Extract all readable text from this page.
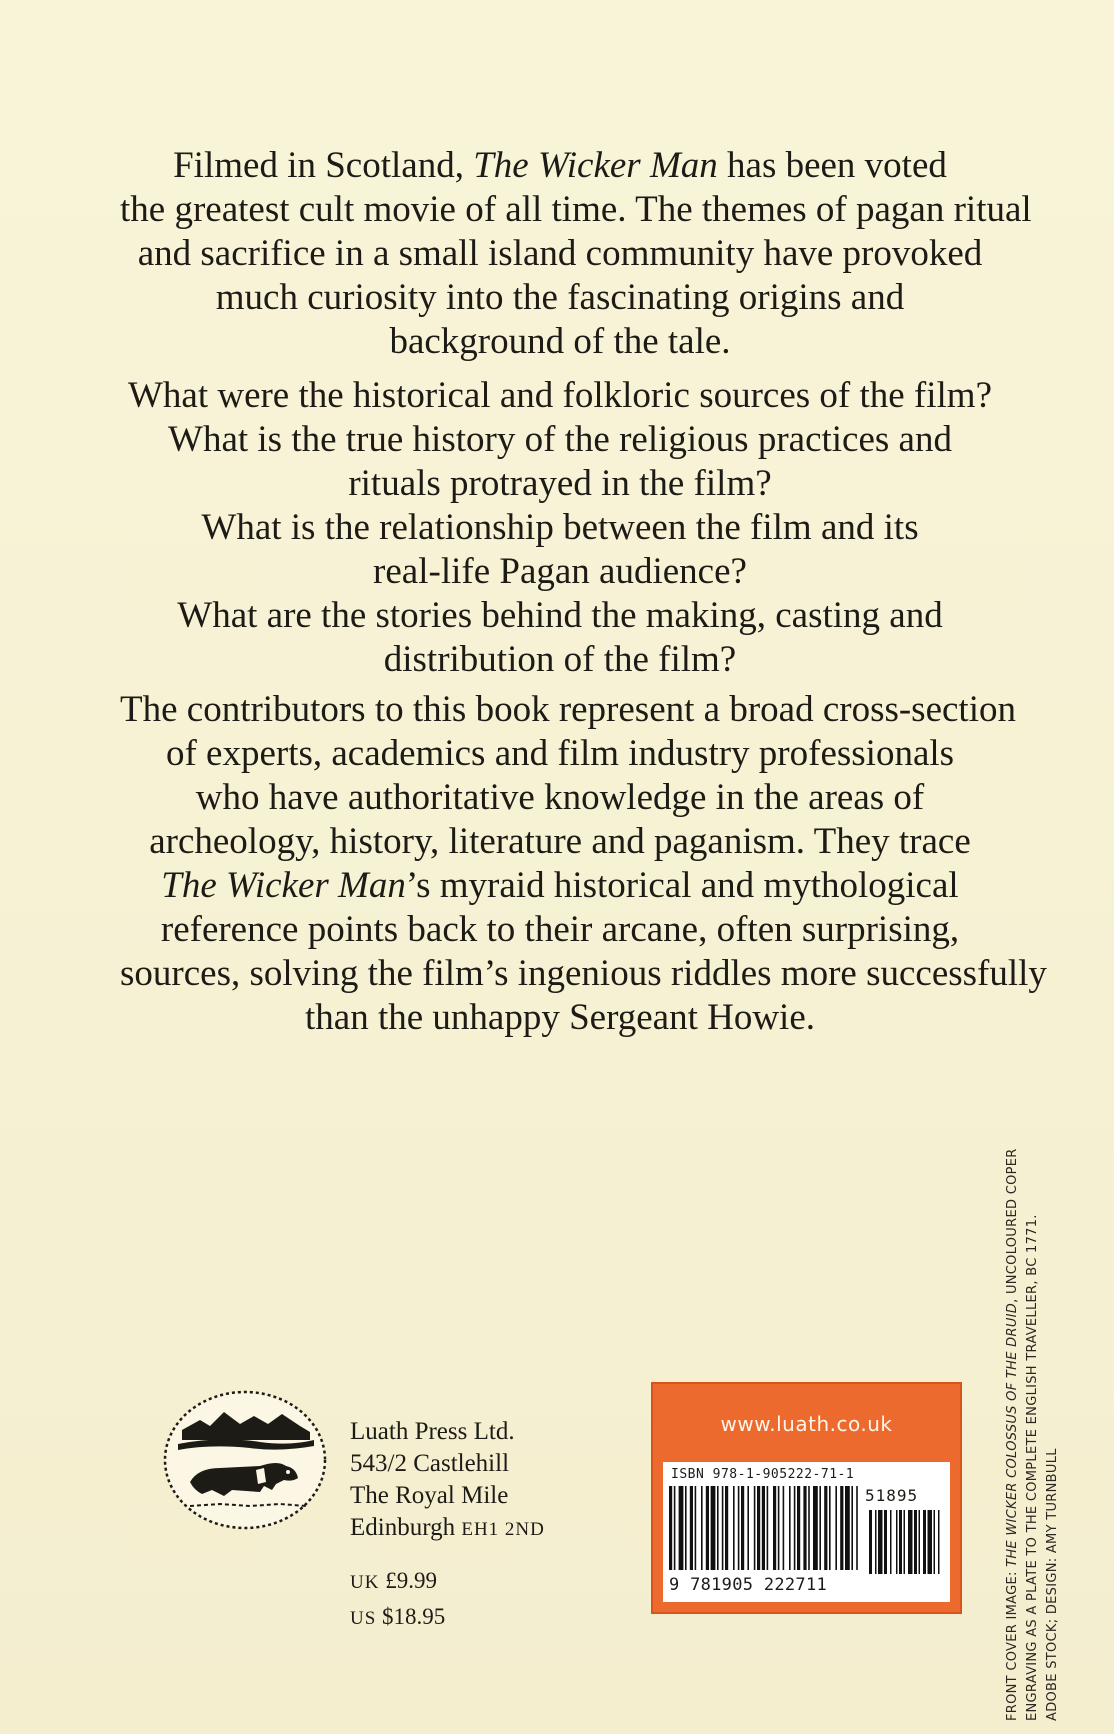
Filmed in Scotland, The Wicker Man has been voted
the greatest cult movie of all time. The themes of pagan ritual
and sacrifice in a small island community have provoked
much curiosity into the fascinating origins and
background of the tale.

What were the historical and folkloric sources of the film?
What is the true history of the religious practices and
rituals protrayed in the film?
What is the relationship between the film and its
real-life Pagan audience?
What are the stories behind the making, casting and
distribution of the film?

The contributors to this book represent a broad cross-section
of experts, academics and film industry professionals
who have authoritative knowledge in the areas of
archeology, history, literature and paganism. They trace
The Wicker Man’s myraid historical and mythological
reference points back to their arcane, often surprising,
sources, solving the film’s ingenious riddles more successfully
than the unhappy Sergeant Howie.

Luath Press Ltd.
543/2 Castlehill
The Royal Mile
Edinburgh EH1 2ND
UK £9.99
US $18.95
www.luath.co.uk
ISBN 978-1-905222-71-1
51895
9 781905 222711	FRONT COVER IMAGE: THE WICKER COLOSSUS OF THE DRUID, UNCOLOURED COPER ENGRAVING AS A PLATE TO THE COMPLETE ENGLISH TRAVELLER, BC 1771. ADOBE STOCK; DESIGN: AMY TURNBULL
